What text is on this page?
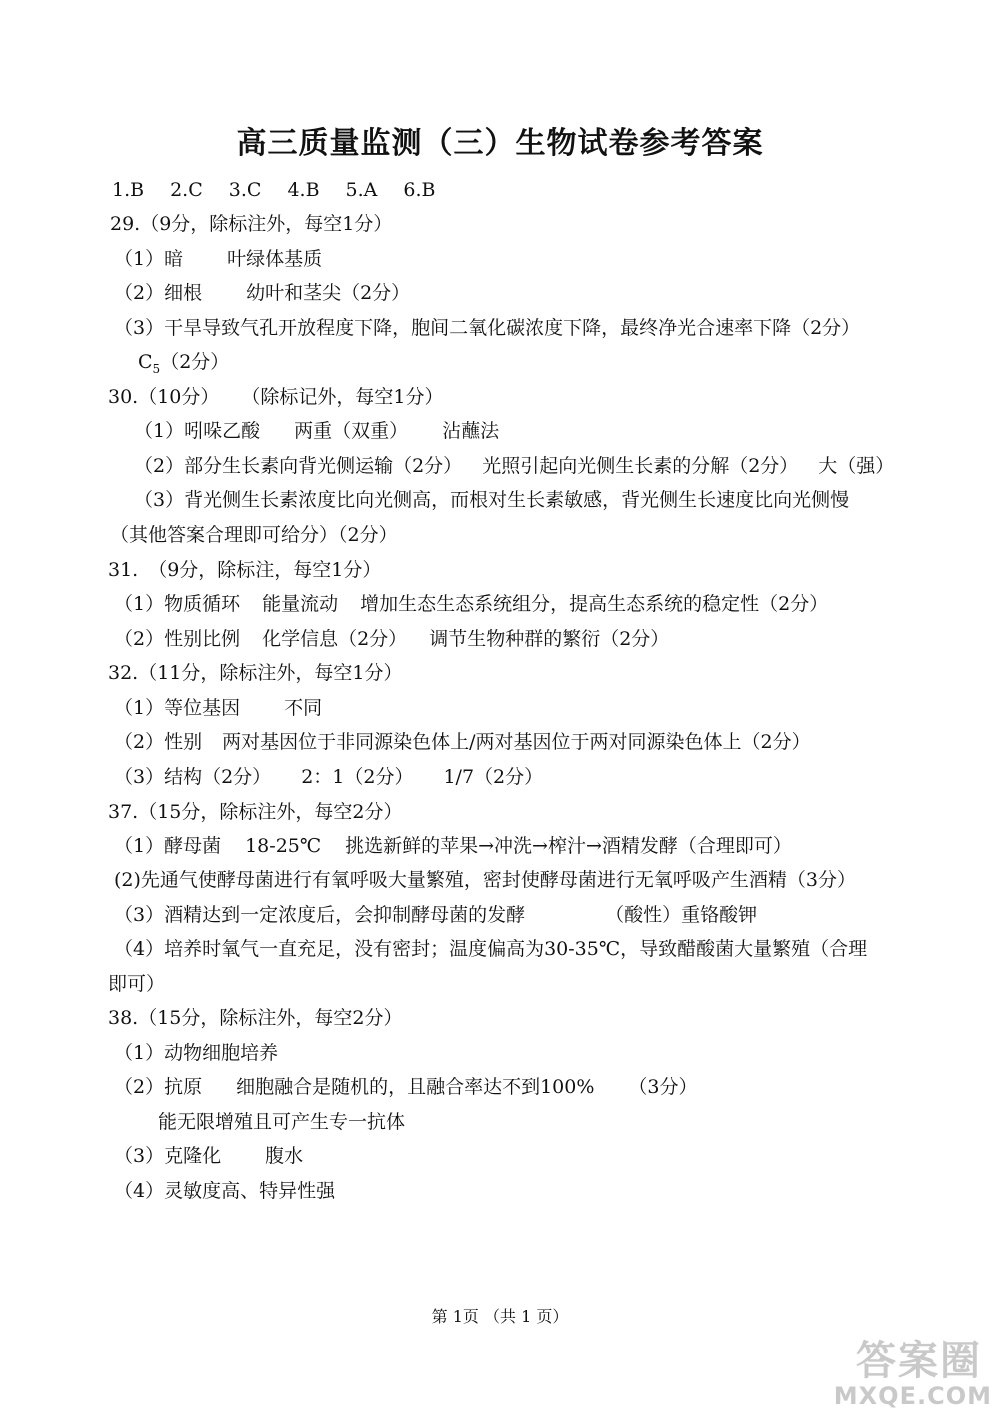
高三质量监测（三）生物试卷参考答案
1.B 2.C 3.C 4.B 5.A 6.B
29.（9分，除标注外，每空1分）
（1）暗 叶绿体基质
（2）细根 幼叶和茎尖（2分）
（3）干旱导致气孔开放程度下降，胞间二氧化碳浓度下降，最终净光合速率下降（2分）
$C_5(2$分）
30.（10分） （除标记外，每空1分）
（1）吲哚乙酸 两重（双重） 沾蘸法
（2）部分生长素向背光侧运输（2分） 光照引起向光侧生长素的分解（2分） 大（强）
（3）背光侧生长素浓度比向光侧高，而根对生长素敏感，背光侧生长速度比向光侧慢
（其他答案合理即可给分）（2分）
31. （9分，除标注，每空1分）
（1）物质循环 能量流动 增加生态生态系统组分，提高生态系统的稳定性（2分）
（2）性别比例 化学信息（2分） 调节生物种群的繁衍（2分）
32.（11分，除标注外，每空1分）
（1）等位基因 不同
（2）性别 两对基因位于非同源染色体上/两对基因位于两对同源染色体上（2分）
（3）结构（2分） 2：1（2分） 1/7（2分）
37.（15分，除标注外，每空2分）
（1）酵母菌 18-25℃ 挑选新鲜的苹果→冲洗→榨汁→酒精发酵（合理即可）
(2)先通气使酵母菌进行有氧呼吸大量繁殖，密封使酵母菌进行无氧呼吸产生酒精（3分）
（3）酒精达到一定浓度后，会抑制酵母菌的发酵	（酸性）重铬酸钾
（4）培养时氧气一直充足，没有密封；温度偏高为30-35℃，导致醋酸菌大量繁殖（合理
即可）
38.（15分，除标注外，每空2分）
（1）动物细胞培养
（2）抗原 细胞融合是随机的，且融合率达不到100% （3分）
能无限增殖且可产生专一抗体
（3）克隆化 腹水
（4）灵敏度高、特异性强
第 1页 （共 1 页）
答案圈
MXQE.COM
